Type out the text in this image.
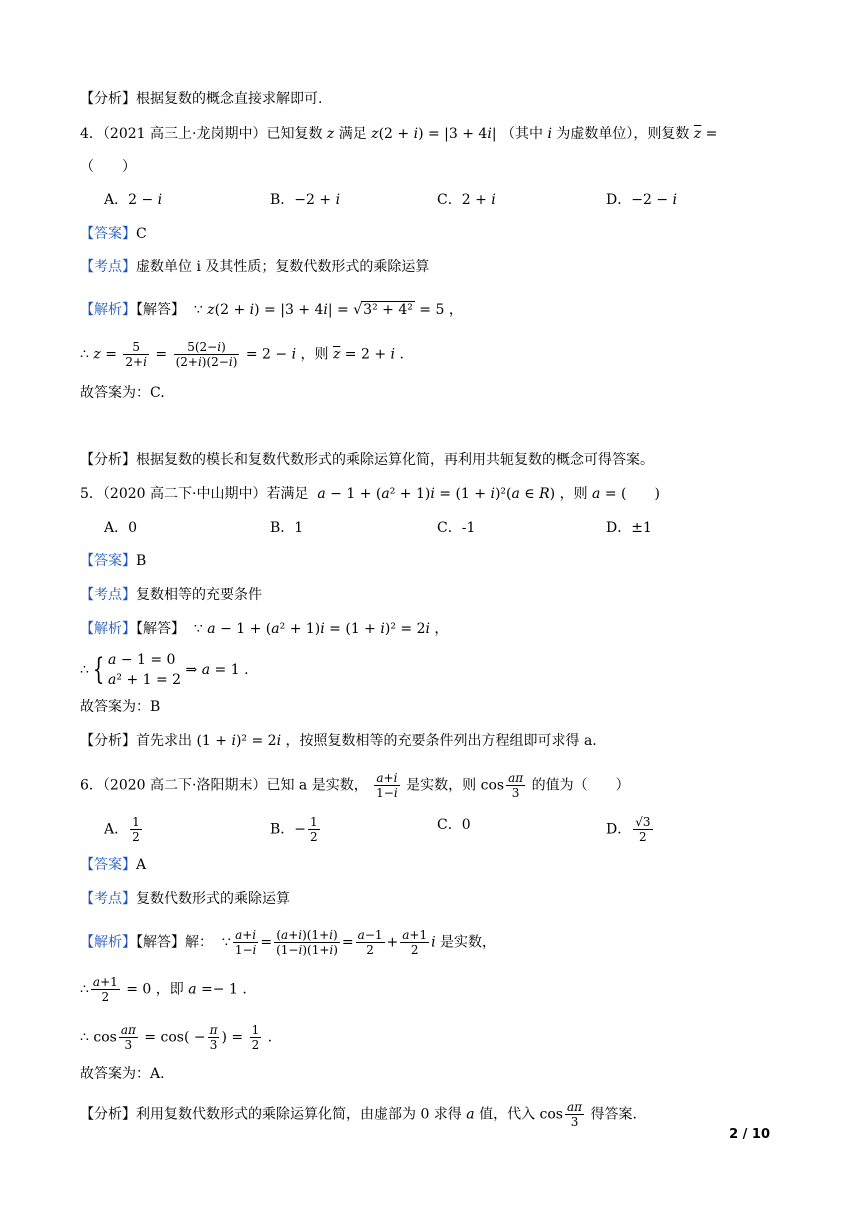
【分析】根据复数的概念直接求解即可.
4．（2021 高三上·龙岗期中）已知复数 z 满足 z(2 + i) = |3 + 4i| （其中 i 为虚数单位），则复数 $\overline{z}$ =
（　　）
A．2 − i	B．−2 + i	C．2 + i	D．−2 − i
【答案】C
【考点】虚数单位 i 及其性质；复数代数形式的乘除运算
【解析】【解答】 ∵ z(2 + i) = |3 + 4i| = √3² + 4² = 5 ，
∴ $z = \frac{5}{2+i} = \frac{5(2-i)}{(2+i)(2-i)} = 2 - i$ ，则 $\overline{z} = 2 + i$ .
故答案为：C.
【分析】根据复数的模长和复数代数形式的乘除运算化简，再利用共轭复数的概念可得答案。
5．（2020 高二下·中山期中）若满足 a − 1 + (a² + 1)i = (1 + i)²(a ∈ R) ，则 a = (　　)
A．0	B．1	C．-1	D．±1
【答案】B
【考点】复数相等的充要条件
【解析】【解答】 ∵ a − 1 + (a² + 1)i = (1 + i)² = 2i ，
∴ { a − 1 = 0
a² + 1 = 2 ⇒ a = 1 .
故答案为：B
【分析】首先求出 (1 + i)² = 2i ，按照复数相等的充要条件列出方程组即可求得 a.
6．（2020 高二下·洛阳期末）已知 a 是实数， $\frac{a+i}{1-i}$ 是实数，则 $\cos \frac{a\pi}{3}$ 的值为（　　）
A． $\frac{1}{2}$	B．− $\frac{1}{2}$	C．0	D． $\frac{√3}{2}$
【答案】A
【考点】复数代数形式的乘除运算
【解析】【解答】解： ∵ $\frac{a+i}{1-i} = \frac{(a+i)(1+i)}{(1-i)(1+i)} = \frac{a-1}{2} + \frac{a+1}{2}$ i 是实数，
∴ $\frac{a+1}{2} = 0$ ，即 a =− 1 .
∴ $\cos \frac{a\pi}{3} = \cos( - \frac{\pi}{3}$ ) = $\frac{1}{2}$ .
故答案为：A.
【分析】利用复数代数形式的乘除运算化简，由虚部为 0 求得 a 值，代入 $\cos \frac{a\pi}{3}$ 得答案.
2 / 10
